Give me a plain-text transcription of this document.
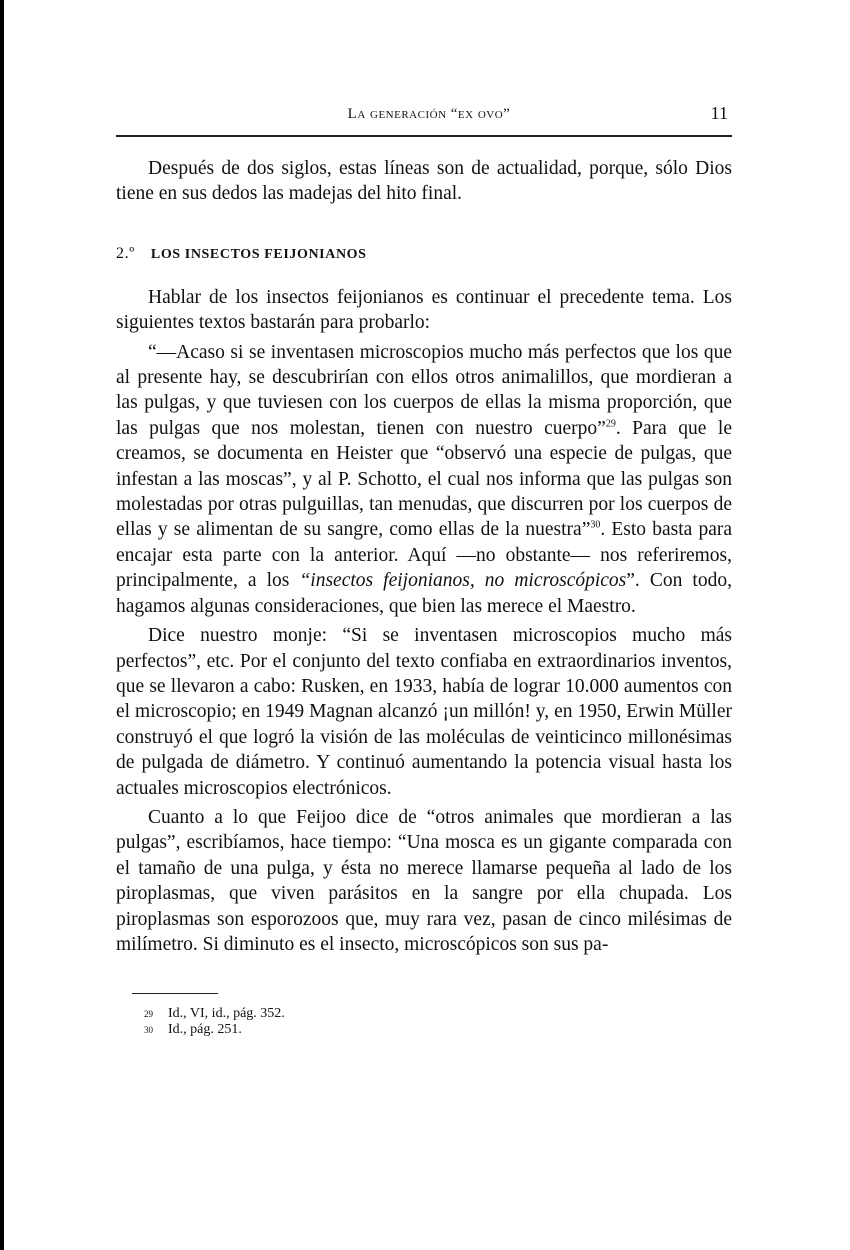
La generación “ex ovo”	11

Después de dos siglos, estas líneas son de actualidad, porque, sólo Dios tiene en sus dedos las madejas del hito final.

2.º LOS INSECTOS FEIJONIANOS

Hablar de los insectos feijonianos es continuar el precedente tema. Los siguientes textos bastarán para probarlo:

“—Acaso si se inventasen microscopios mucho más perfectos que los que al presente hay, se descubrirían con ellos otros animalillos, que mordieran a las pulgas, y que tuviesen con los cuerpos de ellas la misma proporción, que las pulgas que nos molestan, tienen con nuestro cuerpo”$^{29}$. Para que le creamos, se documenta en Heister que “observó una especie de pulgas, que infestan a las moscas”, y al P. Schotto, el cual nos informa que las pulgas son molestadas por otras pulguillas, tan menudas, que discurren por los cuerpos de ellas y se alimentan de su sangre, como ellas de la nuestra”$^{30}$. Esto basta para encajar esta parte con la anterior. Aquí —no obstante— nos referiremos, principalmente, a los “insectos feijonianos, no microscópicos”. Con todo, hagamos algunas consideraciones, que bien las merece el Maestro.

Dice nuestro monje: “Si se inventasen microscopios mucho más perfectos”, etc. Por el conjunto del texto confiaba en extraordinarios inventos, que se llevaron a cabo: Rusken, en 1933, había de lograr 10.000 aumentos con el microscopio; en 1949 Magnan alcanzó ¡un millón! y, en 1950, Erwin Müller construyó el que logró la visión de las moléculas de veinticinco millonésimas de pulgada de diámetro. Y continuó aumentando la potencia visual hasta los actuales microscopios electrónicos.

Cuanto a lo que Feijoo dice de “otros animales que mordieran a las pulgas”, escribíamos, hace tiempo: “Una mosca es un gigante comparada con el tamaño de una pulga, y ésta no merece llamarse pequeña al lado de los piroplasmas, que viven parásitos en la sangre por ella chupada. Los piroplasmas son esporozoos que, muy rara vez, pasan de cinco milésimas de milímetro. Si diminuto es el insecto, microscópicos son sus pa-

29 Id., VI, id., pág. 352.
30 Id., pág. 251.
